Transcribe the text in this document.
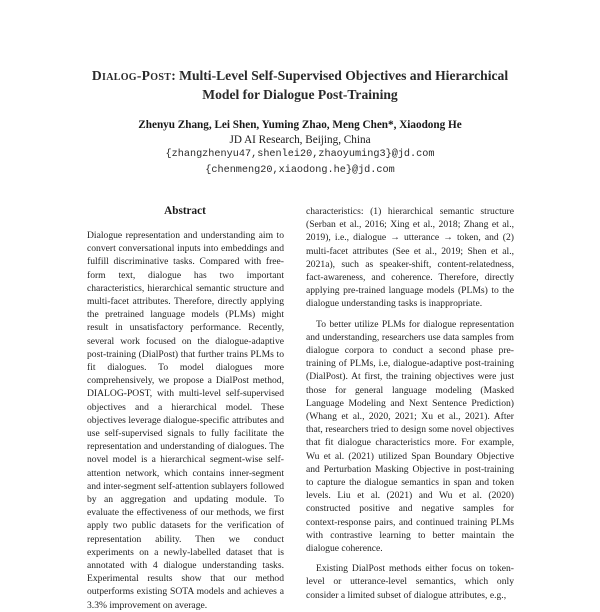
Dialog-Post: Multi-Level Self-Supervised Objectives and Hierarchical
Model for Dialogue Post-Training
Zhenyu Zhang, Lei Shen, Yuming Zhao, Meng Chen*, Xiaodong He
JD AI Research, Beijing, China
{zhangzhenyu47,shenlei20,zhaoyuming3}@jd.com
{chenmeng20,xiaodong.he}@jd.com
Abstract

Dialogue representation and understanding aim to convert conversational inputs into embeddings and fulfill discriminative tasks. Compared with free-form text, dialogue has two important characteristics, hierarchical semantic structure and multi-facet attributes. Therefore, directly applying the pretrained language models (PLMs) might result in unsatisfactory performance. Recently, several work focused on the dialogue-adaptive post-training (DialPost) that further trains PLMs to fit dialogues. To model dialogues more comprehensively, we propose a DialPost method, DIALOG-POST, with multi-level self-supervised objectives and a hierarchical model. These objectives leverage dialogue-specific attributes and use self-supervised signals to fully facilitate the representation and understanding of dialogues. The novel model is a hierarchical segment-wise self-attention network, which contains inner-segment and inter-segment self-attention sublayers followed by an aggregation and updating module. To evaluate the effectiveness of our methods, we first apply two public datasets for the verification of representation ability. Then we conduct experiments on a newly-labelled dataset that is annotated with 4 dialogue understanding tasks. Experimental results show that our method outperforms existing SOTA models and achieves a 3.3% improvement on average.

characteristics: (1) hierarchical semantic structure (Serban et al., 2016; Xing et al., 2018; Zhang et al., 2019), i.e., dialogue → utterance → token, and (2) multi-facet attributes (See et al., 2019; Shen et al., 2021a), such as speaker-shift, content-relatedness, fact-awareness, and coherence. Therefore, directly applying pre-trained language models (PLMs) to the dialogue understanding tasks is inappropriate.

To better utilize PLMs for dialogue representation and understanding, researchers use data samples from dialogue corpora to conduct a second phase pre-training of PLMs, i.e, dialogue-adaptive post-training (DialPost). At first, the training objectives were just those for general language modeling (Masked Language Modeling and Next Sentence Prediction) (Whang et al., 2020, 2021; Xu et al., 2021). After that, researchers tried to design some novel objectives that fit dialogue characteristics more. For example, Wu et al. (2021) utilized Span Boundary Objective and Perturbation Masking Objective in post-training to capture the dialogue semantics in span and token levels. Liu et al. (2021) and Wu et al. (2020) constructed positive and negative samples for context-response pairs, and continued training PLMs with contrastive learning to better maintain the dialogue coherence.

Existing DialPost methods either focus on token-level or utterance-level semantics, which only consider a limited subset of dialogue attributes, e.g.,
